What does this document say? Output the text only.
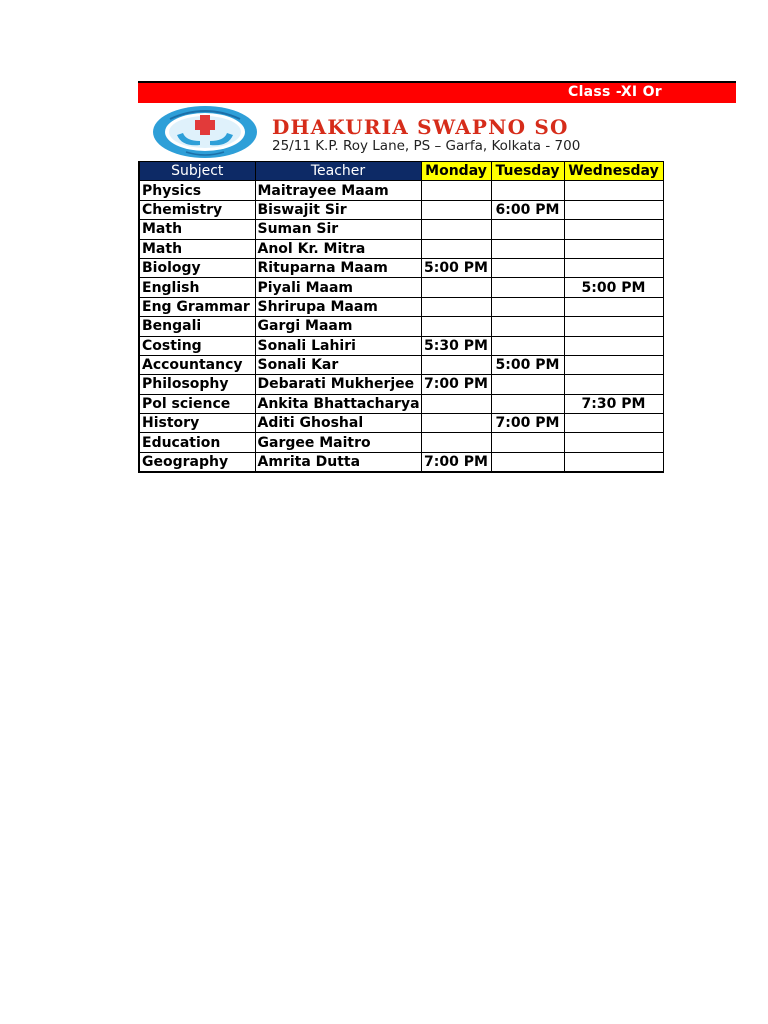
Class -XI Or
DHAKURIA SWAPNO SO
25/11 K.P. Roy Lane, PS – Garfa, Kolkata - 700
Subject	Teacher	Monday	Tuesday	Wednesday
Physics	Maitrayee Maam			
Chemistry	Biswajit Sir		6:00 PM	
Math	Suman Sir			
Math	Anol Kr. Mitra			
Biology	Rituparna Maam	5:00 PM		
English	Piyali Maam			5:00 PM
Eng Grammar	Shrirupa Maam			
Bengali	Gargi Maam			
Costing	Sonali Lahiri	5:30 PM		
Accountancy	Sonali Kar		5:00 PM	
Philosophy	Debarati Mukherjee	7:00 PM		
Pol science	Ankita Bhattacharya			7:30 PM
History	Aditi Ghoshal		7:00 PM	
Education	Gargee Maitro			
Geography	Amrita Dutta	7:00 PM		
